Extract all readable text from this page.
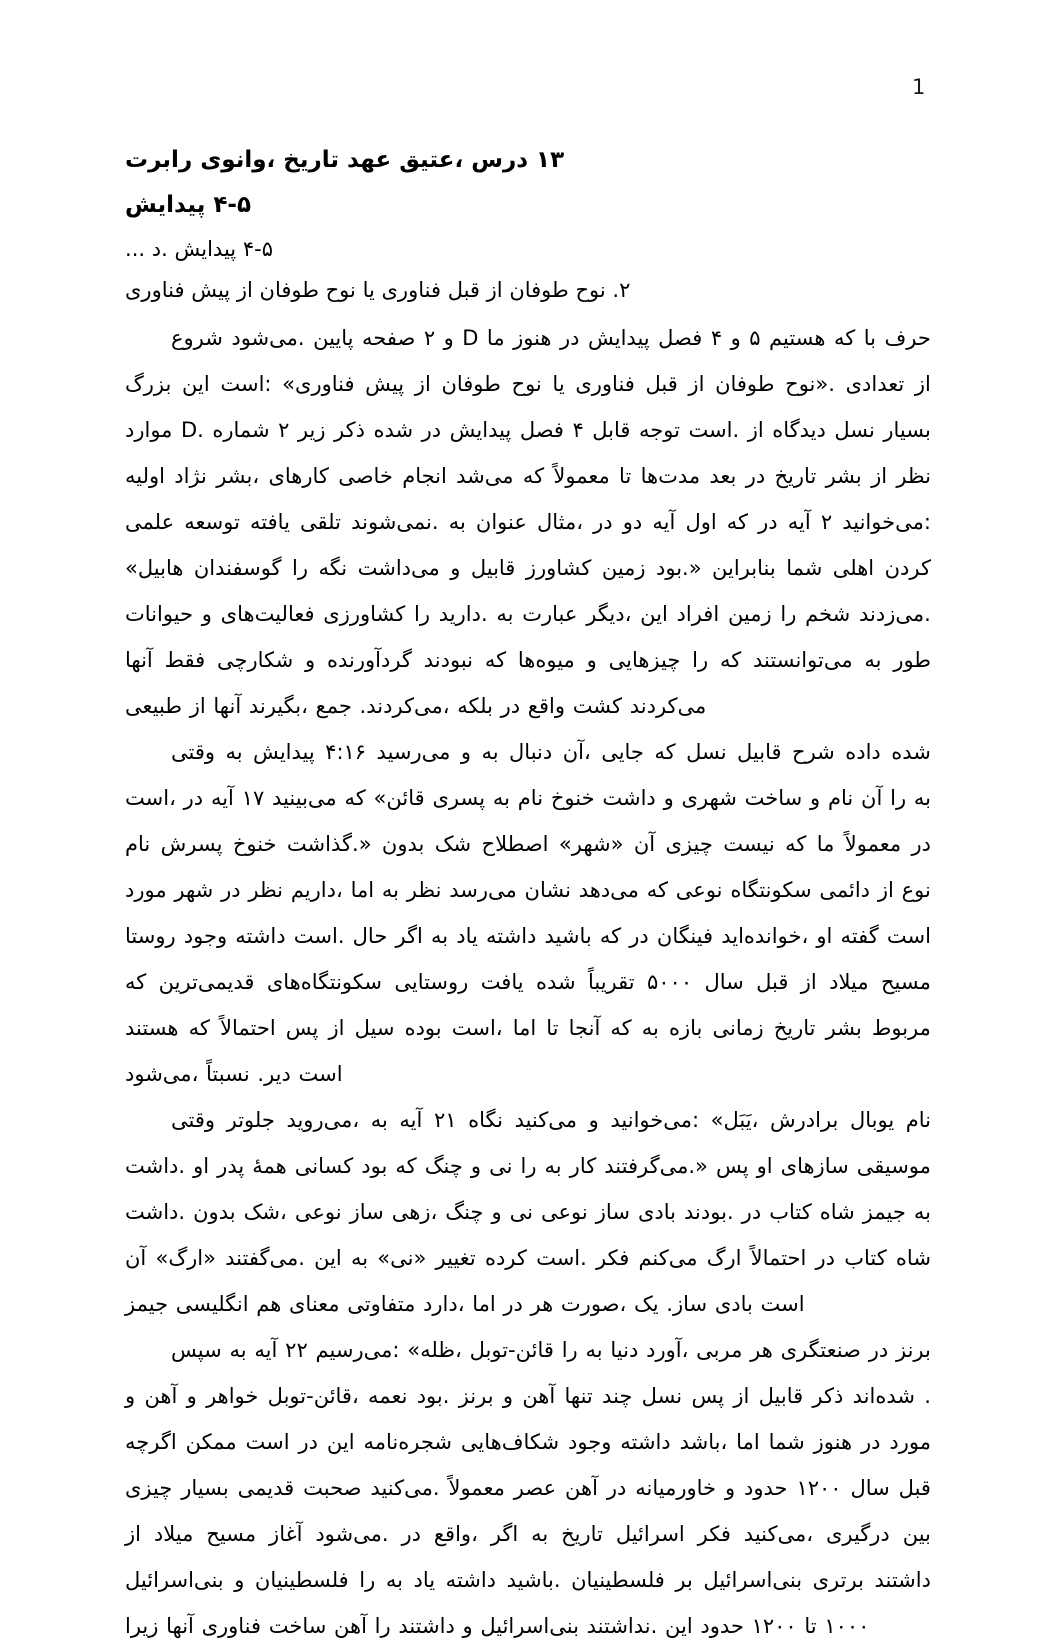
1
رابرت وانوی، تاریخ عهد عتیق، درس ۱۳
پیدایش ۴-۵
... د. پیدایش ۴-۵
فناوری پیش از طوفان نوح یا فناوری قبل از طوفان نوح .۲

شروع می‌شود. پایین صفحه ۲ و D ما هنوز در پیدایش فصل ۴ و ۵ هستیم که با حرف بزرگ این است: «فناوری پیش از طوفان نوح یا فناوری قبل از طوفان نوح». تعدادی از موارد D. شماره ۲ زیر ذکر شده در پیدایش فصل ۴ قابل توجه است. از دیدگاه نسل بسیار اولیه نژاد بشر، کارهای خاصی انجام می‌شد که معمولاً تا مدت‌ها بعد در تاریخ بشر از نظر علمی توسعه یافته تلقی نمی‌شوند. به عنوان مثال، در دو آیه اول که در آیه ۲ می‌خوانید: «هابیل گوسفندان را نگه می‌داشت و قابیل کشاورز زمین بود.» بنابراین شما اهلی کردن حیوانات و فعالیت‌های کشاورزی را دارید. به عبارت دیگر، این افراد زمین را شخم می‌زدند. آنها فقط شکارچی و گردآورنده نبودند که میوه‌ها و چیزهایی را که می‌توانستند به طور طبیعی از آنها بگیرند، جمع .می‌کردند، بلکه در واقع کشت می‌کردند

وقتی به پیدایش ۴:۱۶ می‌رسید و به دنبال آن، جایی که نسل قابیل شرح داده شده است، در آیه ۱۷ می‌بینید که «قائن پسری به نام خنوخ داشت و شهری ساخت و نام آن را به نام پسرش خنوخ گذاشت.» بدون شک اصطلاح «شهر» آن چیزی نیست که ما معمولاً در مورد شهر در نظر داریم، اما به نظر می‌رسد نشان می‌دهد که نوعی سکونتگاه دائمی از نوع روستا وجود داشته است. حال اگر به یاد داشته باشید که در فینگان خوانده‌اید، او گفته است که قدیمی‌ترین سکونتگاه‌های روستایی یافت شده تقریباً ۵۰۰۰ سال قبل از میلاد مسیح هستند که احتمالاً پس از سیل بوده است، اما تا آنجا که به بازه زمانی تاریخ بشر مربوط می‌شود، نسبتاً .دیر است

وقتی جلوتر می‌روید، به آیه ۲۱ نگاه می‌کنید و می‌خوانید: «یَبَل، برادرش یوبال نام داشت. او پدر همهٔ کسانی بود که چنگ و نی را به کار می‌گرفتند.» پس او سازهای موسیقی داشت. بدون شک، نوعی ساز زهی، چنگ و نی نوعی ساز بادی بودند. در کتاب شاه جیمز به آن «ارگ» می‌گفتند. این به «نی» تغییر کرده است. فکر می‌کنم ارگ احتمالاً در کتاب شاه جیمز انگلیسی هم معنای متفاوتی دارد، اما در هر صورت، یک .ساز بادی است

سپس به آیه ۲۲ می‌رسیم: «ظله، توبل-قائن را به دنیا آورد، مربی هر صنعتگری در برنز و آهن و خواهر توبل-قائن، نعمه بود. برنز و آهن تنها چند نسل پس از قابیل ذکر شده‌اند . اگرچه ممکن است در این شجره‌نامه شکاف‌هایی وجود داشته باشد، اما شما هنوز در مورد چیزی بسیار قدیمی صحبت می‌کنید. معمولاً عصر آهن در خاورمیانه و حدود ۱۲۰۰ سال قبل از میلاد مسیح آغاز می‌شود. در واقع، اگر به تاریخ اسرائیل فکر می‌کنید، درگیری بین بنی‌اسرائیل و فلسطینیان را به یاد داشته باشید. فلسطینیان بر بنی‌اسرائیل برتری داشتند زیرا آنها فناوری ساخت آهن را داشتند و بنی‌اسرائیل نداشتند. این حدود ۱۲۰۰ تا ۱۰۰۰
